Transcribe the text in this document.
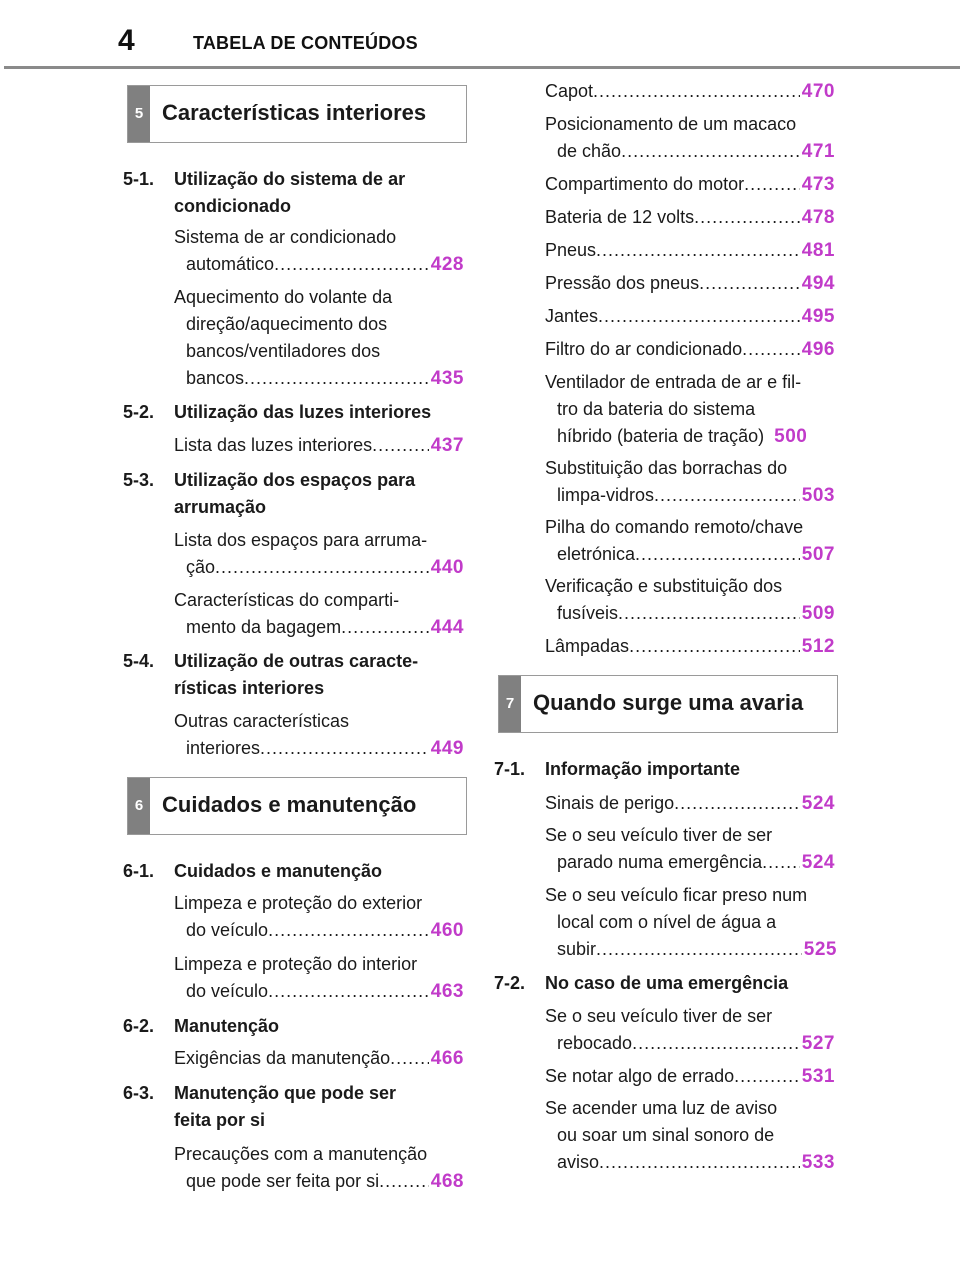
4	TABELA DE CONTEÚDOS
5 Características interiores
5-1.	Utilização do sistema de ar
condicionado
Sistema de ar condicionado
automático .....	428
Aquecimento do volante da
direção/aquecimento dos
bancos/ventiladores dos
bancos .....	435
5-2.	Utilização das luzes interiores
Lista das luzes interiores .....	437
5-3.	Utilização dos espaços para
arrumação
Lista dos espaços para arruma-
ção .....	440
Características do comparti-
mento da bagagem .....	444
5-4.	Utilização de outras caracte-
rísticas interiores
Outras características
interiores .....	449
6 Cuidados e manutenção
6-1.	Cuidados e manutenção
Limpeza e proteção do exterior
do veículo .....	460
Limpeza e proteção do interior
do veículo .....	463
6-2.	Manutenção
Exigências da manutenção ..... 466
6-3.	Manutenção que pode ser
feita por si
Precauções com a manutenção
que pode ser feita por si .....	468
Capot .....	470
Posicionamento de um macaco
de chão .....	471
Compartimento do motor .....	473
Bateria de 12 volts .....	478
Pneus .....	481
Pressão dos pneus .....	494
Jantes .....	495
Filtro do ar condicionado .....	496
Ventilador de entrada de ar e fil-
tro da bateria do sistema
híbrido (bateria de tração) 500
Substituição das borrachas do
limpa-vidros .....	503
Pilha do comando remoto/chave
eletrónica .....	507
Verificação e substituição dos
fusíveis .....	509
Lâmpadas .....	512
7 Quando surge uma avaria
7-1.	Informação importante
Sinais de perigo .....	524
Se o seu veículo tiver de ser
parado numa emergência ..... 524
Se o seu veículo ficar preso num
local com o nível de água a
subir .....	525
7-2.	No caso de uma emergência
Se o seu veículo tiver de ser
rebocado .....	527
Se notar algo de errado .....	531
Se acender uma luz de aviso
ou soar um sinal sonoro de
aviso .....	533
